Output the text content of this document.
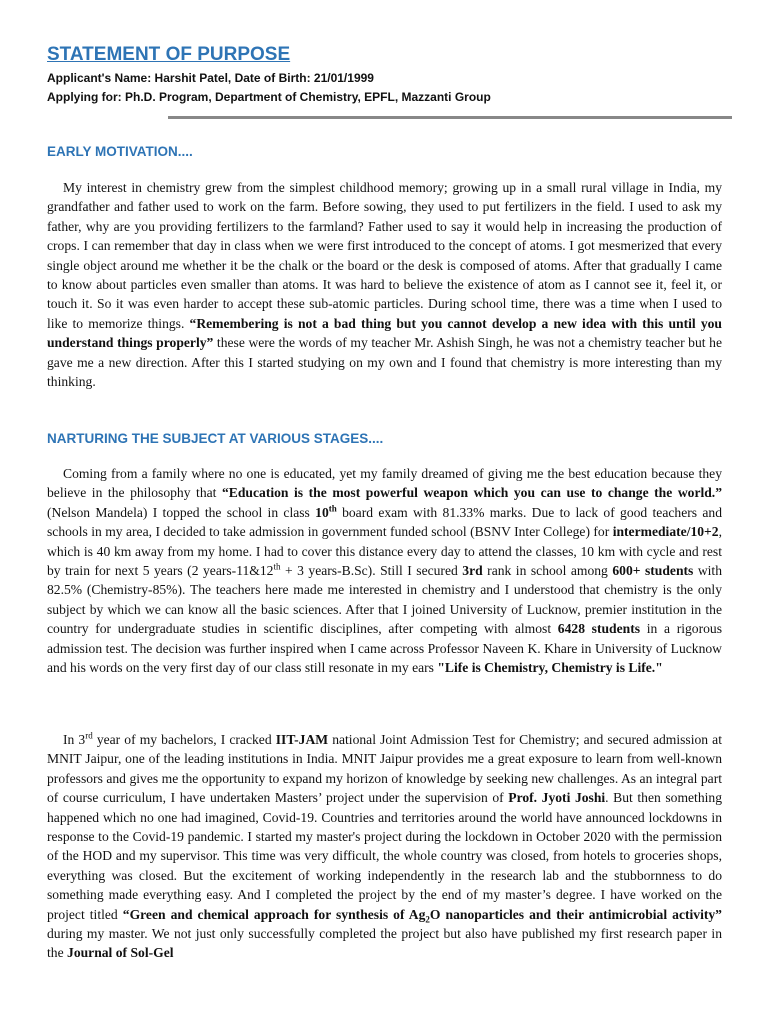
STATEMENT OF PURPOSE
Applicant's Name: Harshit Patel, Date of Birth: 21/01/1999
Applying for: Ph.D. Program, Department of Chemistry, EPFL, Mazzanti Group
EARLY MOTIVATION....
My interest in chemistry grew from the simplest childhood memory; growing up in a small rural village in India, my grandfather and father used to work on the farm. Before sowing, they used to put fertilizers in the field. I used to ask my father, why are you providing fertilizers to the farmland? Father used to say it would help in increasing the production of crops. I can remember that day in class when we were first introduced to the concept of atoms. I got mesmerized that every single object around me whether it be the chalk or the board or the desk is composed of atoms. After that gradually I came to know about particles even smaller than atoms. It was hard to believe the existence of atom as I cannot see it, feel it, or touch it. So it was even harder to accept these sub-atomic particles. During school time, there was a time when I used to like to memorize things. “Remembering is not a bad thing but you cannot develop a new idea with this until you understand things properly” these were the words of my teacher Mr. Ashish Singh, he was not a chemistry teacher but he gave me a new direction. After this I started studying on my own and I found that chemistry is more interesting than my thinking.
NARTURING THE SUBJECT AT VARIOUS STAGES....
Coming from a family where no one is educated, yet my family dreamed of giving me the best education because they believe in the philosophy that “Education is the most powerful weapon which you can use to change the world.” (Nelson Mandela) I topped the school in class 10th board exam with 81.33% marks. Due to lack of good teachers and schools in my area, I decided to take admission in government funded school (BSNV Inter College) for intermediate/10+2, which is 40 km away from my home. I had to cover this distance every day to attend the classes, 10 km with cycle and rest by train for next 5 years (2 years-11&12th + 3 years-B.Sc). Still I secured 3rd rank in school among 600+ students with 82.5% (Chemistry-85%). The teachers here made me interested in chemistry and I understood that chemistry is the only subject by which we can know all the basic sciences. After that I joined University of Lucknow, premier institution in the country for undergraduate studies in scientific disciplines, after competing with almost 6428 students in a rigorous admission test. The decision was further inspired when I came across Professor Naveen K. Khare in University of Lucknow and his words on the very first day of our class still resonate in my ears "Life is Chemistry, Chemistry is Life."
In 3rd year of my bachelors, I cracked IIT-JAM national Joint Admission Test for Chemistry; and secured admission at MNIT Jaipur, one of the leading institutions in India. MNIT Jaipur provides me a great exposure to learn from well-known professors and gives me the opportunity to expand my horizon of knowledge by seeking new challenges. As an integral part of course curriculum, I have undertaken Masters’ project under the supervision of Prof. Jyoti Joshi. But then something happened which no one had imagined, Covid-19. Countries and territories around the world have announced lockdowns in response to the Covid-19 pandemic. I started my master's project during the lockdown in October 2020 with the permission of the HOD and my supervisor. This time was very difficult, the whole country was closed, from hotels to groceries shops, everything was closed. But the excitement of working independently in the research lab and the stubbornness to do something made everything easy. And I completed the project by the end of my master’s degree. I have worked on the project titled “Green and chemical approach for synthesis of $Ag_2O$ nanoparticles and their antimicrobial activity” during my master. We not just only successfully completed the project but also have published my first research paper in the Journal of Sol-Gel
